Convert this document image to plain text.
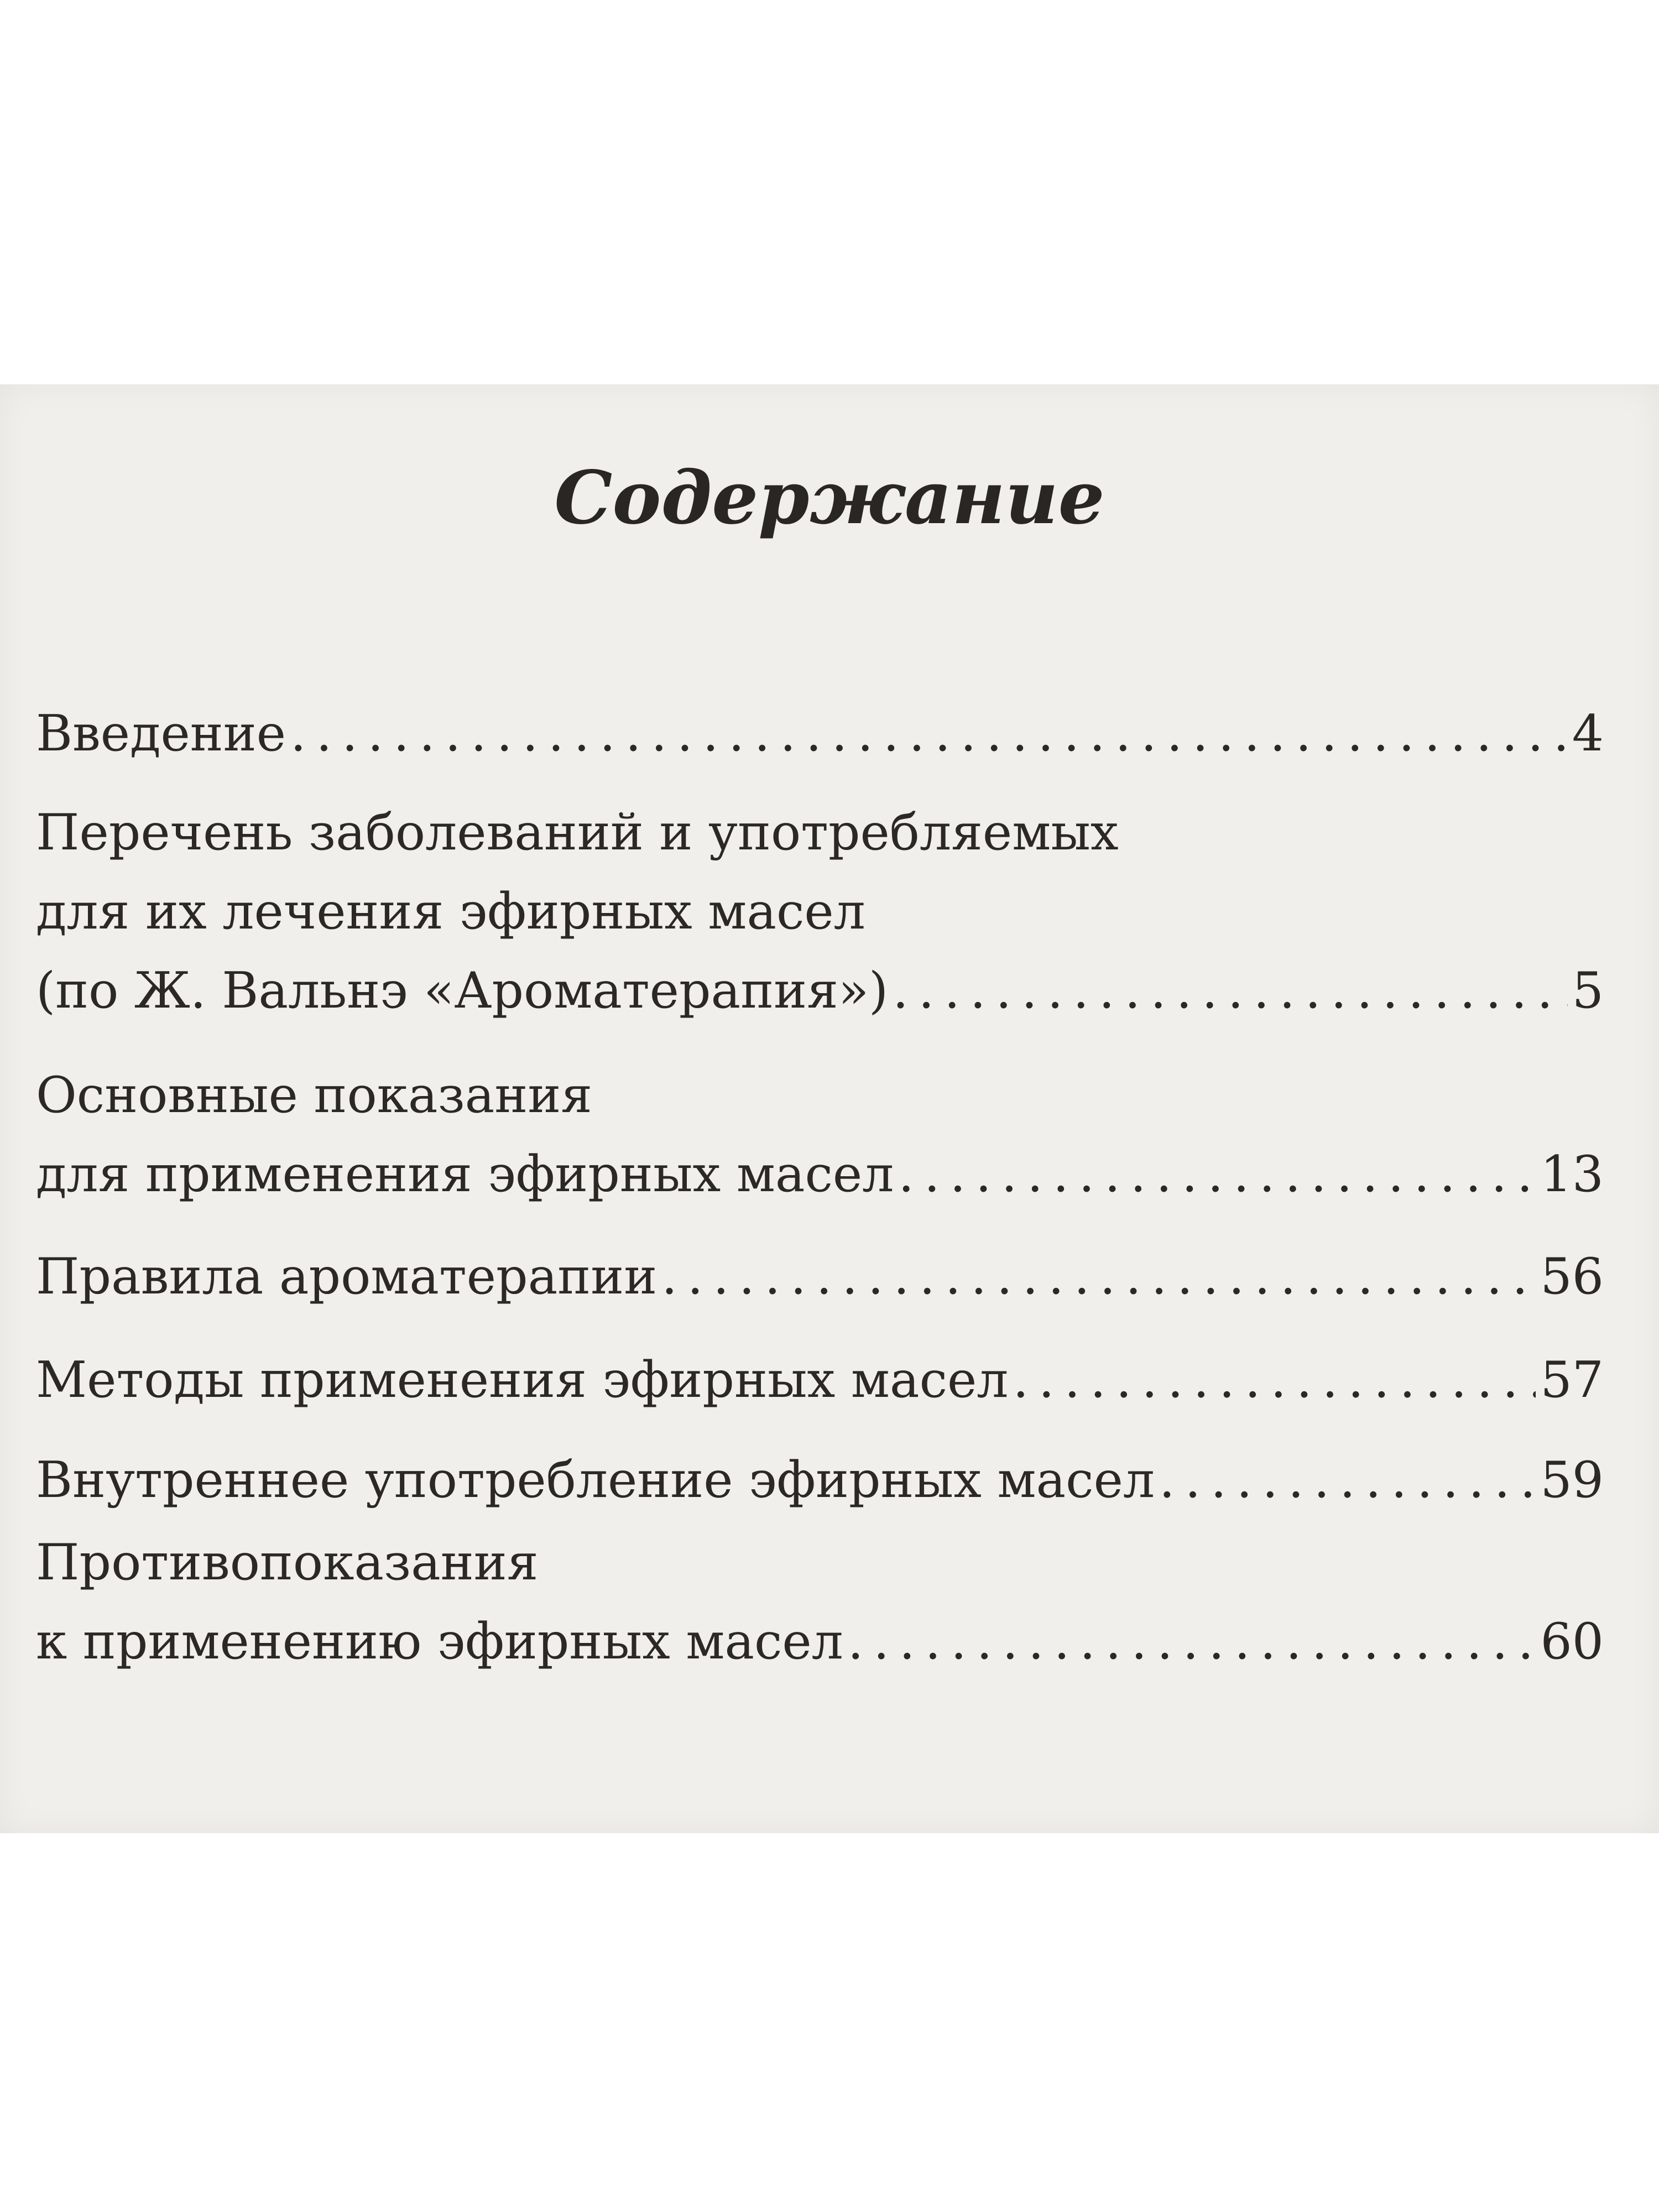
Содержание
Введение .....	4
Перечень заболеваний и употребляемых
для их лечения эфирных масел
(по Ж. Вальнэ «Ароматерапия») .....	5
Основные показания
для применения эфирных масел .....	13
Правила ароматерапии .....	56
Методы применения эфирных масел .....	57
Внутреннее употребление эфирных масел .....	59
Противопоказания
к применению эфирных масел .....	60
